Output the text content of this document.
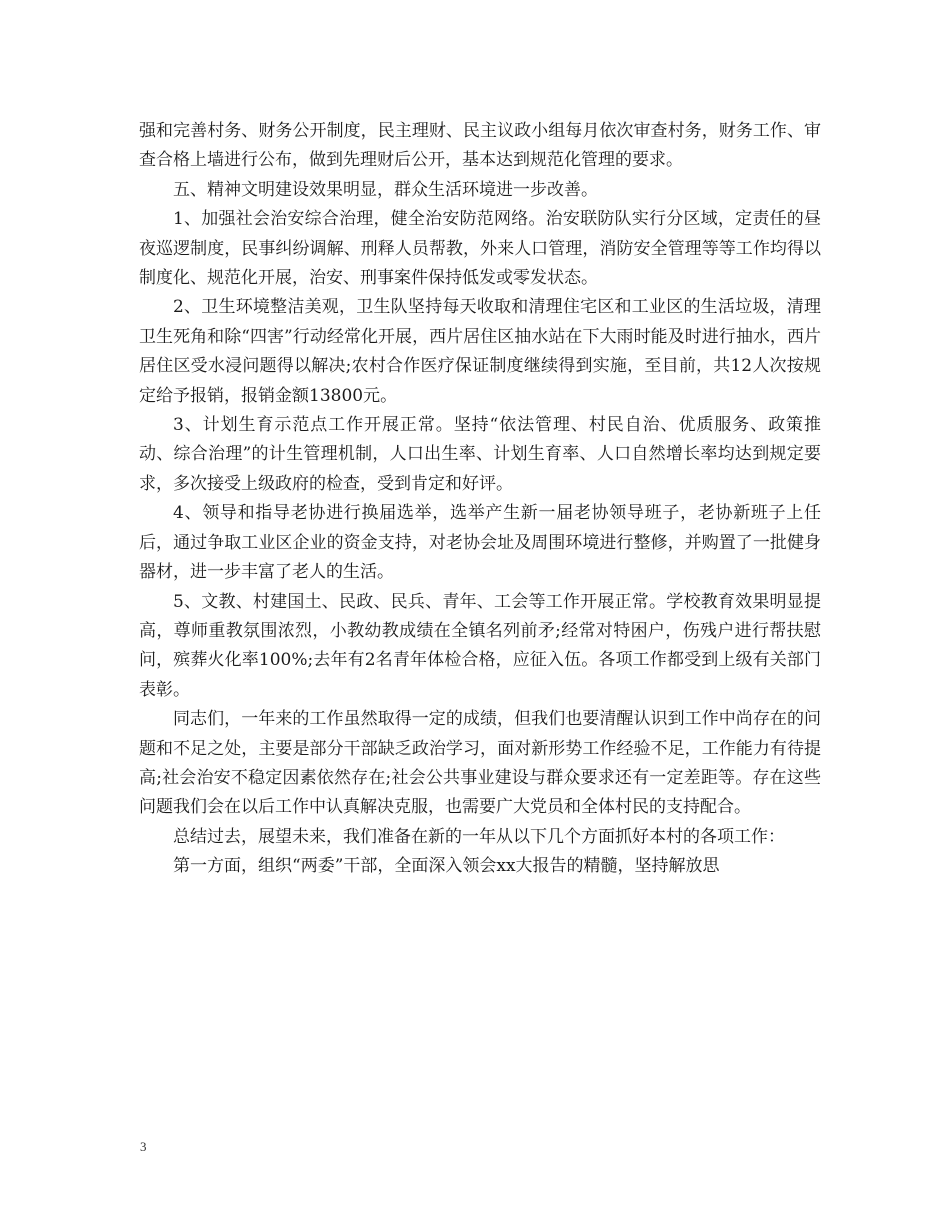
强和完善村务、财务公开制度，民主理财、民主议政小组每月依次审查村务，财务工作、审查合格上墙进行公布，做到先理财后公开，基本达到规范化管理的要求。

五、精神文明建设效果明显，群众生活环境进一步改善。

1、加强社会治安综合治理，健全治安防范网络。治安联防队实行分区域，定责任的昼夜巡逻制度，民事纠纷调解、刑释人员帮教，外来人口管理，消防安全管理等等工作均得以制度化、规范化开展，治安、刑事案件保持低发或零发状态。

2、卫生环境整洁美观，卫生队坚持每天收取和清理住宅区和工业区的生活垃圾，清理卫生死角和除“四害”行动经常化开展，西片居住区抽水站在下大雨时能及时进行抽水，西片居住区受水浸问题得以解决;农村合作医疗保证制度继续得到实施，至目前，共12人次按规定给予报销，报销金额13800元。

3、计划生育示范点工作开展正常。坚持“依法管理、村民自治、优质服务、政策推动、综合治理”的计生管理机制，人口出生率、计划生育率、人口自然增长率均达到规定要求，多次接受上级政府的检查，受到肯定和好评。

4、领导和指导老协进行换届选举，选举产生新一届老协领导班子，老协新班子上任后，通过争取工业区企业的资金支持，对老协会址及周围环境进行整修，并购置了一批健身器材，进一步丰富了老人的生活。

5、文教、村建国土、民政、民兵、青年、工会等工作开展正常。学校教育效果明显提高，尊师重教氛围浓烈，小教幼教成绩在全镇名列前矛;经常对特困户，伤残户进行帮扶慰问，殡葬火化率100%;去年有2名青年体检合格，应征入伍。各项工作都受到上级有关部门表彰。

同志们，一年来的工作虽然取得一定的成绩，但我们也要清醒认识到工作中尚存在的问题和不足之处，主要是部分干部缺乏政治学习，面对新形势工作经验不足，工作能力有待提高;社会治安不稳定因素依然存在;社会公共事业建设与群众要求还有一定差距等。存在这些问题我们会在以后工作中认真解决克服，也需要广大党员和全体村民的支持配合。

总结过去，展望未来，我们准备在新的一年从以下几个方面抓好本村的各项工作：

第一方面，组织“两委”干部，全面深入领会xx大报告的精髓，坚持解放思

3
